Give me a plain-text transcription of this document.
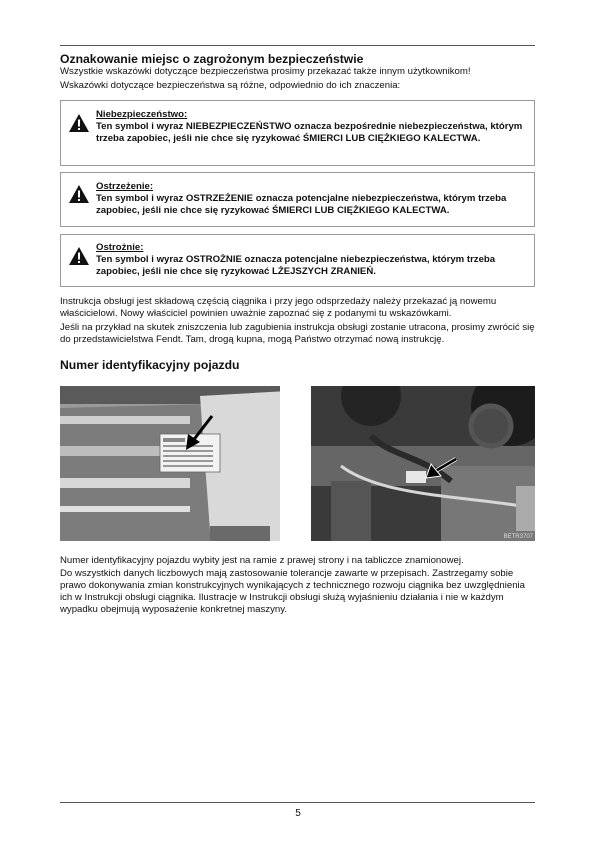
Oznakowanie miejsc o zagrożonym bezpieczeństwie
Wszystkie wskazówki dotyczące bezpieczeństwa prosimy przekazać także innym użytkownikom!
Wskazówki dotyczące bezpieczeństwa są różne, odpowiednio do ich znaczenia:
Niebezpieczeństwo:
Ten symbol i wyraz NIEBEZPIECZEŃSTWO oznacza bezpośrednie niebezpieczeństwa, którym trzeba zapobiec, jeśli nie chce się ryzykować ŚMIERCI LUB CIĘŻKIEGO KALECTWA.
Ostrzeżenie:
Ten symbol i wyraz OSTRZEŻENIE oznacza potencjalne niebezpieczeństwa, którym trzeba zapobiec, jeśli nie chce się ryzykować ŚMIERCI LUB CIĘŻKIEGO KALECTWA.
Ostrożnie:
Ten symbol i wyraz OSTROŻNIE oznacza potencjalne niebezpieczeństwa, którym trzeba zapobiec, jeśli nie chce się ryzykować LŻEJSZYCH ZRANIEŃ.
Instrukcja obsługi jest składową częścią ciągnika i przy jego odsprzedaży należy przekazać ją nowemu właścicielowi. Nowy właściciel powinien uważnie zapoznać się z podanymi tu wskazówkami.
Jeśli na przykład na skutek zniszczenia lub zagubienia instrukcja obsługi zostanie utracona, prosimy zwrócić się do przedstawicielstwa Fendt. Tam, drogą kupna, mogą Państwo otrzymać nową instrukcję.
Numer identyfikacyjny pojazdu
BETR3707
Numer identyfikacyjny pojazdu wybity jest na ramie z prawej strony i na tabliczce znamionowej.
Do wszystkich danych liczbowych mają zastosowanie tolerancje zawarte w przepisach. Zastrzegamy sobie prawo dokonywania zmian konstrukcyjnych wynikających z technicznego rozwoju ciągnika bez uwzględnienia ich w Instrukcji obsługi ciągnika. Ilustracje w Instrukcji obsługi służą wyjaśnieniu działania i nie w każdym wypadku obejmują wyposażenie konkretnej maszyny.
5
